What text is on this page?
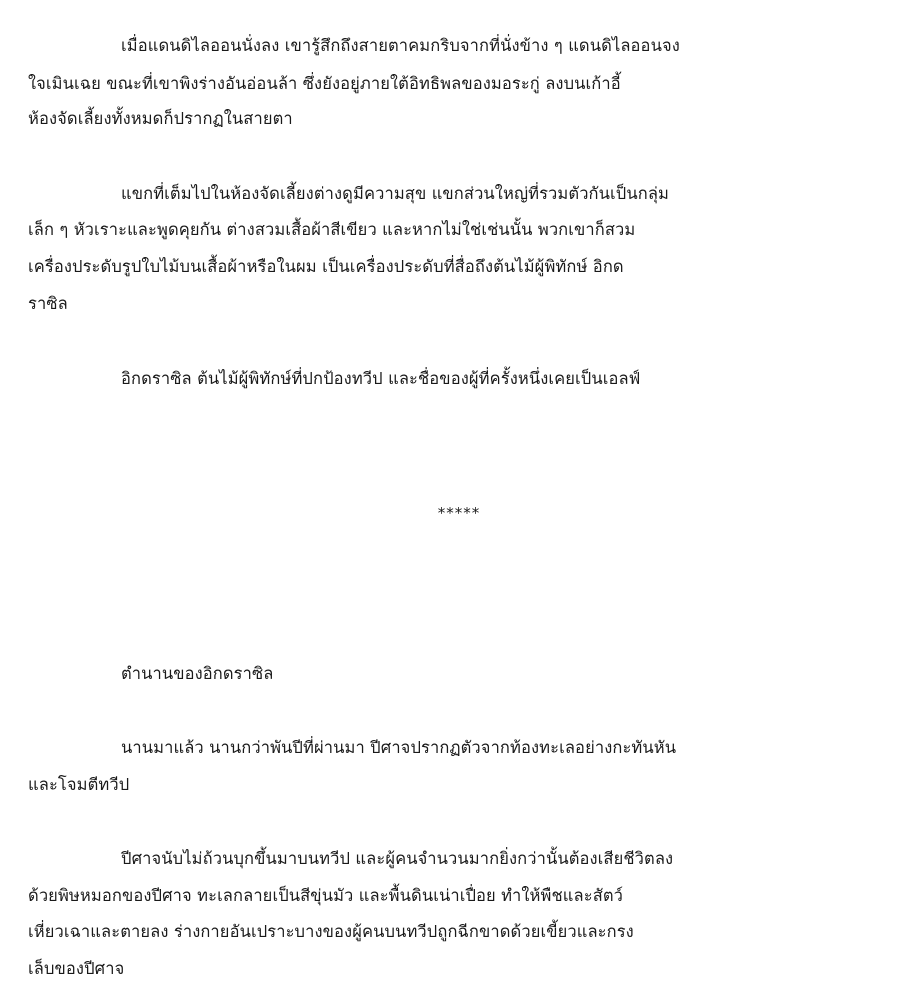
เมื่อแดนดิไลออนนั่งลง เขารู้สึกถึงสายตาคมกริบจากที่นั่งข้าง ๆ แดนดิไลออนจง
ใจเมินเฉย ขณะที่เขาพิงร่างอันอ่อนล้า ซึ่งยังอยู่ภายใต้อิทธิพลของมอระกู่ ลงบนเก้าอี้
ห้องจัดเลี้ยงทั้งหมดก็ปรากฏในสายตา
แขกที่เต็มไปในห้องจัดเลี้ยงต่างดูมีความสุข แขกส่วนใหญ่ที่รวมตัวกันเป็นกลุ่ม
เล็ก ๆ หัวเราะและพูดคุยกัน ต่างสวมเสื้อผ้าสีเขียว และหากไม่ใช่เช่นนั้น พวกเขาก็สวม
เครื่องประดับรูปใบไม้บนเสื้อผ้าหรือในผม เป็นเครื่องประดับที่สื่อถึงต้นไม้ผู้พิทักษ์ อิกด
ราซิล
อิกดราซิล ต้นไม้ผู้พิทักษ์ที่ปกป้องทวีป และชื่อของผู้ที่ครั้งหนึ่งเคยเป็นเอลฟ์
*****
ตำนานของอิกดราซิล
นานมาแล้ว นานกว่าพันปีที่ผ่านมา ปีศาจปรากฏตัวจากท้องทะเลอย่างกะทันหัน
และโจมตีทวีป
ปีศาจนับไม่ถ้วนบุกขึ้นมาบนทวีป และผู้คนจำนวนมากยิ่งกว่านั้นต้องเสียชีวิตลง
ด้วยพิษหมอกของปีศาจ ทะเลกลายเป็นสีขุ่นมัว และพื้นดินเน่าเปื่อย ทำให้พืชและสัตว์
เหี่ยวเฉาและตายลง ร่างกายอันเปราะบางของผู้คนบนทวีปถูกฉีกขาดด้วยเขี้ยวและกรง
เล็บของปีศาจ
